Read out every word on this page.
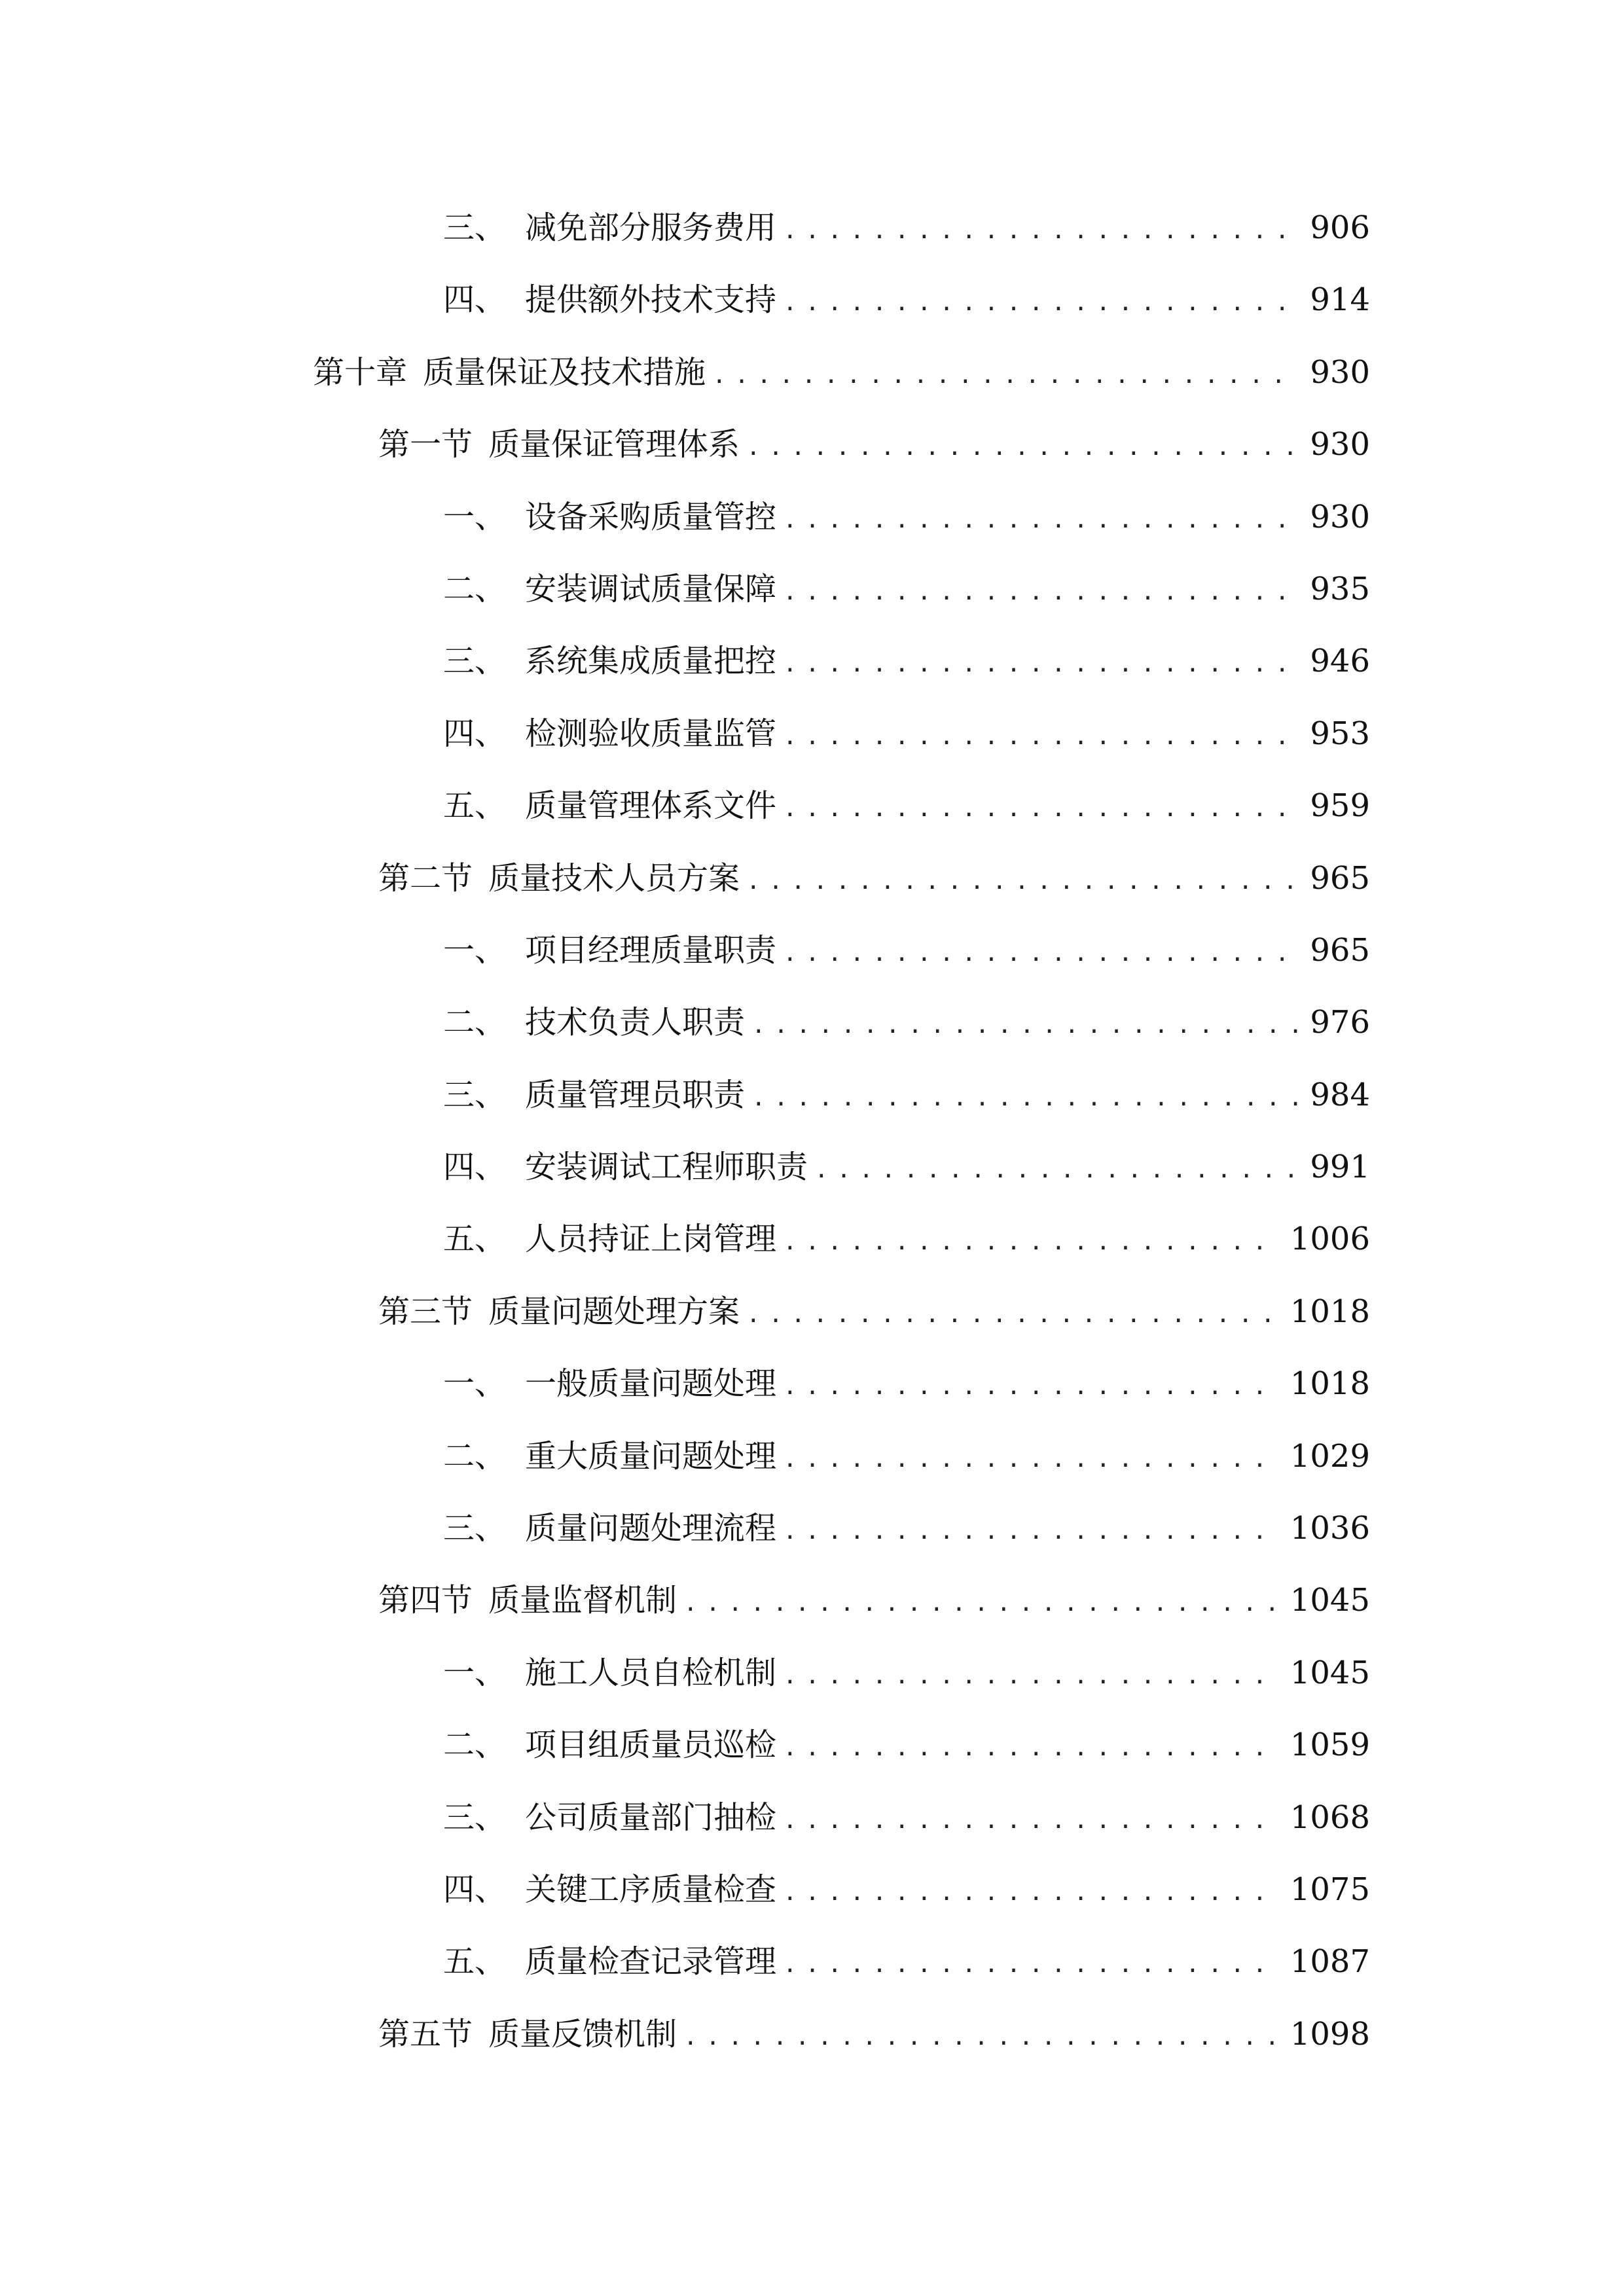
三、 减免部分服务费用 .....	906
四、 提供额外技术支持 .....	914
第十章 质量保证及技术措施 .....	930
第一节 质量保证管理体系 .....	930
一、 设备采购质量管控 .....	930
二、 安装调试质量保障 .....	935
三、 系统集成质量把控 .....	946
四、 检测验收质量监管 .....	953
五、 质量管理体系文件 .....	959
第二节 质量技术人员方案 .....	965
一、 项目经理质量职责 .....	965
二、 技术负责人职责 .....	976
三、 质量管理员职责 .....	984
四、 安装调试工程师职责 .....	991
五、 人员持证上岗管理 .....	1006
第三节 质量问题处理方案 .....	1018
一、 一般质量问题处理 .....	1018
二、 重大质量问题处理 .....	1029
三、 质量问题处理流程 .....	1036
第四节 质量监督机制 .....	1045
一、 施工人员自检机制 .....	1045
二、 项目组质量员巡检 .....	1059
三、 公司质量部门抽检 .....	1068
四、 关键工序质量检查 .....	1075
五、 质量检查记录管理 .....	1087
第五节 质量反馈机制 .....	1098
